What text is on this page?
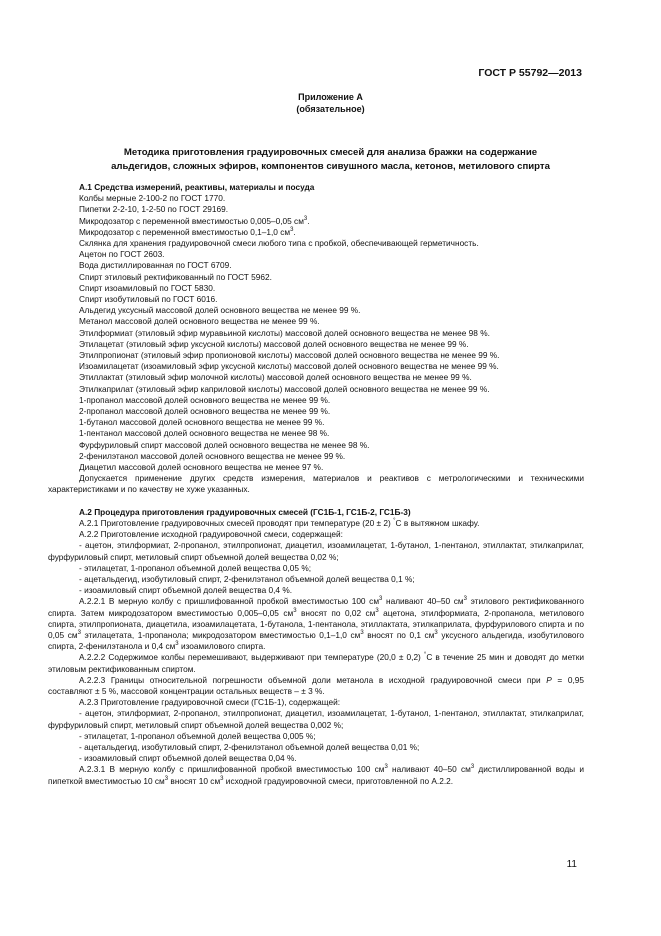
ГОСТ Р 55792—2013
Приложение А
(обязательное)
Методика приготовления градуировочных смесей для анализа бражки на содержание
альдегидов, сложных эфиров, компонентов сивушного масла, кетонов, метилового спирта

А.1 Средства измерений, реактивы, материалы и посуда

Колбы мерные 2-100-2 по ГОСТ 1770.

Пипетки 2-2-10, 1-2-50 по ГОСТ 29169.

Микродозатор с переменной вместимостью 0,005–0,05 $см^3$.

Микродозатор с переменной вместимостью 0,1–1,0 $см^3$.

Склянка для хранения градуировочной смеси любого типа с пробкой, обеспечивающей герметичность.

Ацетон по ГОСТ 2603.

Вода дистиллированная по ГОСТ 6709.

Спирт этиловый ректификованный по ГОСТ 5962.

Спирт изоамиловый по ГОСТ 5830.

Спирт изобутиловый по ГОСТ 6016.

Альдегид уксусный массовой долей основного вещества не менее 99 %.

Метанол массовой долей основного вещества не менее 99 %.

Этилформиат (этиловый эфир муравьиной кислоты) массовой долей основного вещества не менее 98 %.

Этилацетат (этиловый эфир уксусной кислоты) массовой долей основного вещества не менее 99 %.

Этилпропионат (этиловый эфир пропионовой кислоты) массовой долей основного вещества не менее 99 %.

Изоамилацетат (изоамиловый эфир уксусной кислоты) массовой долей основного вещества не менее 99 %.

Этиллактат (этиловый эфир молочной кислоты) массовой долей основного вещества не менее 99 %.

Этилкаприлат (этиловый эфир каприловой кислоты) массовой долей основного вещества не менее 99 %.

1-пропанол массовой долей основного вещества не менее 99 %.

2-пропанол массовой долей основного вещества не менее 99 %.

1-бутанол массовой долей основного вещества не менее 99 %.

1-пентанол массовой долей основного вещества не менее 98 %.

Фурфуриловый спирт массовой долей основного вещества не менее 98 %.

2-фенилэтанол массовой долей основного вещества не менее 99 %.

Диацетил массовой долей основного вещества не менее 97 %.

Допускается применение других средств измерения, материалов и реактивов с метрологическими и техническими характеристиками и по качеству не хуже указанных.

А.2 Процедура приготовления градуировочных смесей (ГС1Б-1, ГС1Б-2, ГС1Б-3)

А.2.1 Приготовление градуировочных смесей проводят при температуре (20 ± 2) °С в вытяжном шкафу.

А.2.2 Приготовление исходной градуировочной смеси, содержащей:

- ацетон, этилформиат, 2-пропанол, этилпропионат, диацетил, изоамилацетат, 1-бутанол, 1-пентанол, этиллактат, этилкаприлат, фурфуриловый спирт, метиловый спирт объемной долей вещества 0,02 %;

- этилацетат, 1-пропанол объемной долей вещества 0,05 %;

- ацетальдегид, изобутиловый спирт, 2-фенилэтанол объемной долей вещества 0,1 %;

- изоамиловый спирт объемной долей вещества 0,4 %.

А.2.2.1 В мерную колбу с пришлифованной пробкой вместимостью 100 $см^3$ наливают 40–50 $см^3$ этилового ректификованного спирта. Затем микродозатором вместимостью 0,005–0,05 $см^3$ вносят по 0,02 $см^3$ ацетона, этилформиата, 2-пропанола, метилового спирта, этилпропионата, диацетила, изоамилацетата, 1-бутанола, 1-пентанола, этиллактата, этилкаприлата, фурфурилового спирта и по 0,05 $см^3$ этилацетата, 1-пропанола; микродозатором вместимостью 0,1–1,0 $см^3$ вносят по 0,1 $см^3$ уксусного альдегида, изобутилового спирта, 2-фенилэтанола и 0,4 $см^3$ изоамилового спирта.

А.2.2.2 Содержимое колбы перемешивают, выдерживают при температуре (20,0 ± 0,2) °С в течение 25 мин и доводят до метки этиловым ректификованным спиртом.

А.2.2.3 Границы относительной погрешности объемной доли метанола в исходной градуировочной смеси при Р = 0,95 составляют ± 5 %, массовой концентрации остальных веществ – ± 3 %.

А.2.3 Приготовление градуировочной смеси (ГС1Б-1), содержащей:

- ацетон, этилформиат, 2-пропанол, этилпропионат, диацетил, изоамилацетат, 1-бутанол, 1-пентанол, этиллактат, этилкаприлат, фурфуриловый спирт, метиловый спирт объемной долей вещества 0,002 %;

- этилацетат, 1-пропанол объемной долей вещества 0,005 %;

- ацетальдегид, изобутиловый спирт, 2-фенилэтанол объемной долей вещества 0,01 %;

- изоамиловый спирт объемной долей вещества 0,04 %.

А.2.3.1 В мерную колбу с пришлифованной пробкой вместимостью 100 $см^3$ наливают 40–50 $см^3$ дистиллированной воды и пипеткой вместимостью 10 $см^3$ вносят 10 $см^3$ исходной градуировочной смеси, приготовленной по А.2.2.

11
